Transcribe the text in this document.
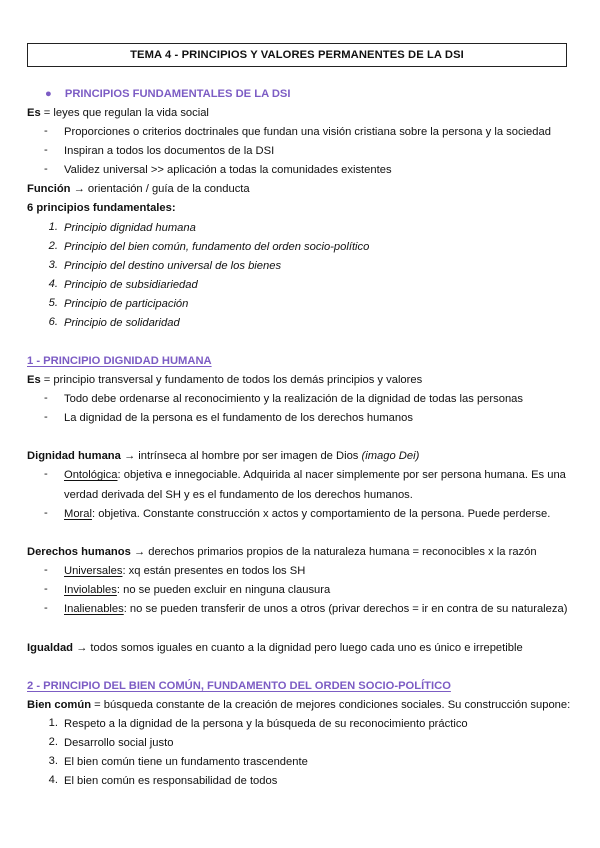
TEMA 4 - PRINCIPIOS Y VALORES PERMANENTES DE LA DSI
● PRINCIPIOS FUNDAMENTALES DE LA DSI
Es = leyes que regulan la vida social
- Proporciones o criterios doctrinales que fundan una visión cristiana sobre la persona y la sociedad
- Inspiran a todos los documentos de la DSI
- Validez universal >> aplicación a todas la comunidades existentes
Función → orientación / guía de la conducta
6 principios fundamentales:
1. Principio dignidad humana
2. Principio del bien común, fundamento del orden socio-político
3. Principio del destino universal de los bienes
4. Principio de subsidiariedad
5. Principio de participación
6. Principio de solidaridad
1 - PRINCIPIO DIGNIDAD HUMANA
Es = principio transversal y fundamento de todos los demás principios y valores
- Todo debe ordenarse al reconocimiento y la realización de la dignidad de todas las personas
- La dignidad de la persona es el fundamento de los derechos humanos
Dignidad humana → intrínseca al hombre por ser imagen de Dios (imago Dei)
- Ontológica: objetiva e innegociable. Adquirida al nacer simplemente por ser persona humana. Es una
verdad derivada del SH y es el fundamento de los derechos humanos.
- Moral: objetiva. Constante construcción x actos y comportamiento de la persona. Puede perderse.
Derechos humanos → derechos primarios propios de la naturaleza humana = reconocibles x la razón
- Universales: xq están presentes en todos los SH
- Inviolables: no se pueden excluir en ninguna clausura
- Inalienables: no se pueden transferir de unos a otros (privar derechos = ir en contra de su naturaleza)
Igualdad → todos somos iguales en cuanto a la dignidad pero luego cada uno es único e irrepetible
2 - PRINCIPIO DEL BIEN COMÚN, FUNDAMENTO DEL ORDEN SOCIO-POLÍTICO
Bien común = búsqueda constante de la creación de mejores condiciones sociales. Su construcción supone:
1. Respeto a la dignidad de la persona y la búsqueda de su reconocimiento práctico
2. Desarrollo social justo
3. El bien común tiene un fundamento trascendente
4. El bien común es responsabilidad de todos
